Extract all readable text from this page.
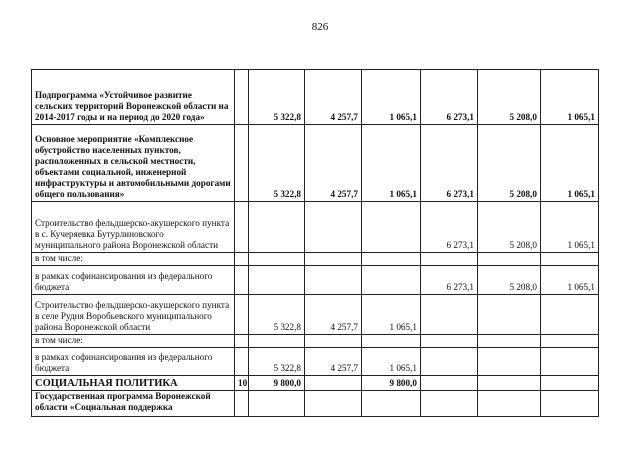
826
Подпрограмма «Устойчивое развитие сельских территорий Воронежской области на 2014-2017 годы и на период до 2020 года»		5 322,8	4 257,7	1 065,1	6 273,1	5 208,0	1 065,1
Основное мероприятие «Комплексное обустройство населенных пунктов, расположенных в сельской местности, объектами социальной, инженерной инфраструктуры и автомобильными дорогами общего пользования»		5 322,8	4 257,7	1 065,1	6 273,1	5 208,0	1 065,1
Строительство фельдшерско-акушерского пункта в с. Кучеряевка Бутурлиновского муниципального района Воронежской области					6 273,1	5 208,0	1 065,1
в том числе:							
в рамках софинансирования из федерального бюджета					6 273,1	5 208,0	1 065,1
Строительство фельдшерско-акушерского пункта в селе Рудня Воробьевского муниципального района Воронежской области		5 322,8	4 257,7	1 065,1			
в том числе:							
в рамках софинансирования из федерального бюджета		5 322,8	4 257,7	1 065,1			
СОЦИАЛЬНАЯ ПОЛИТИКА	10	9 800,0		9 800,0			
Государственная программа Воронежской области «Социальная поддержка							
